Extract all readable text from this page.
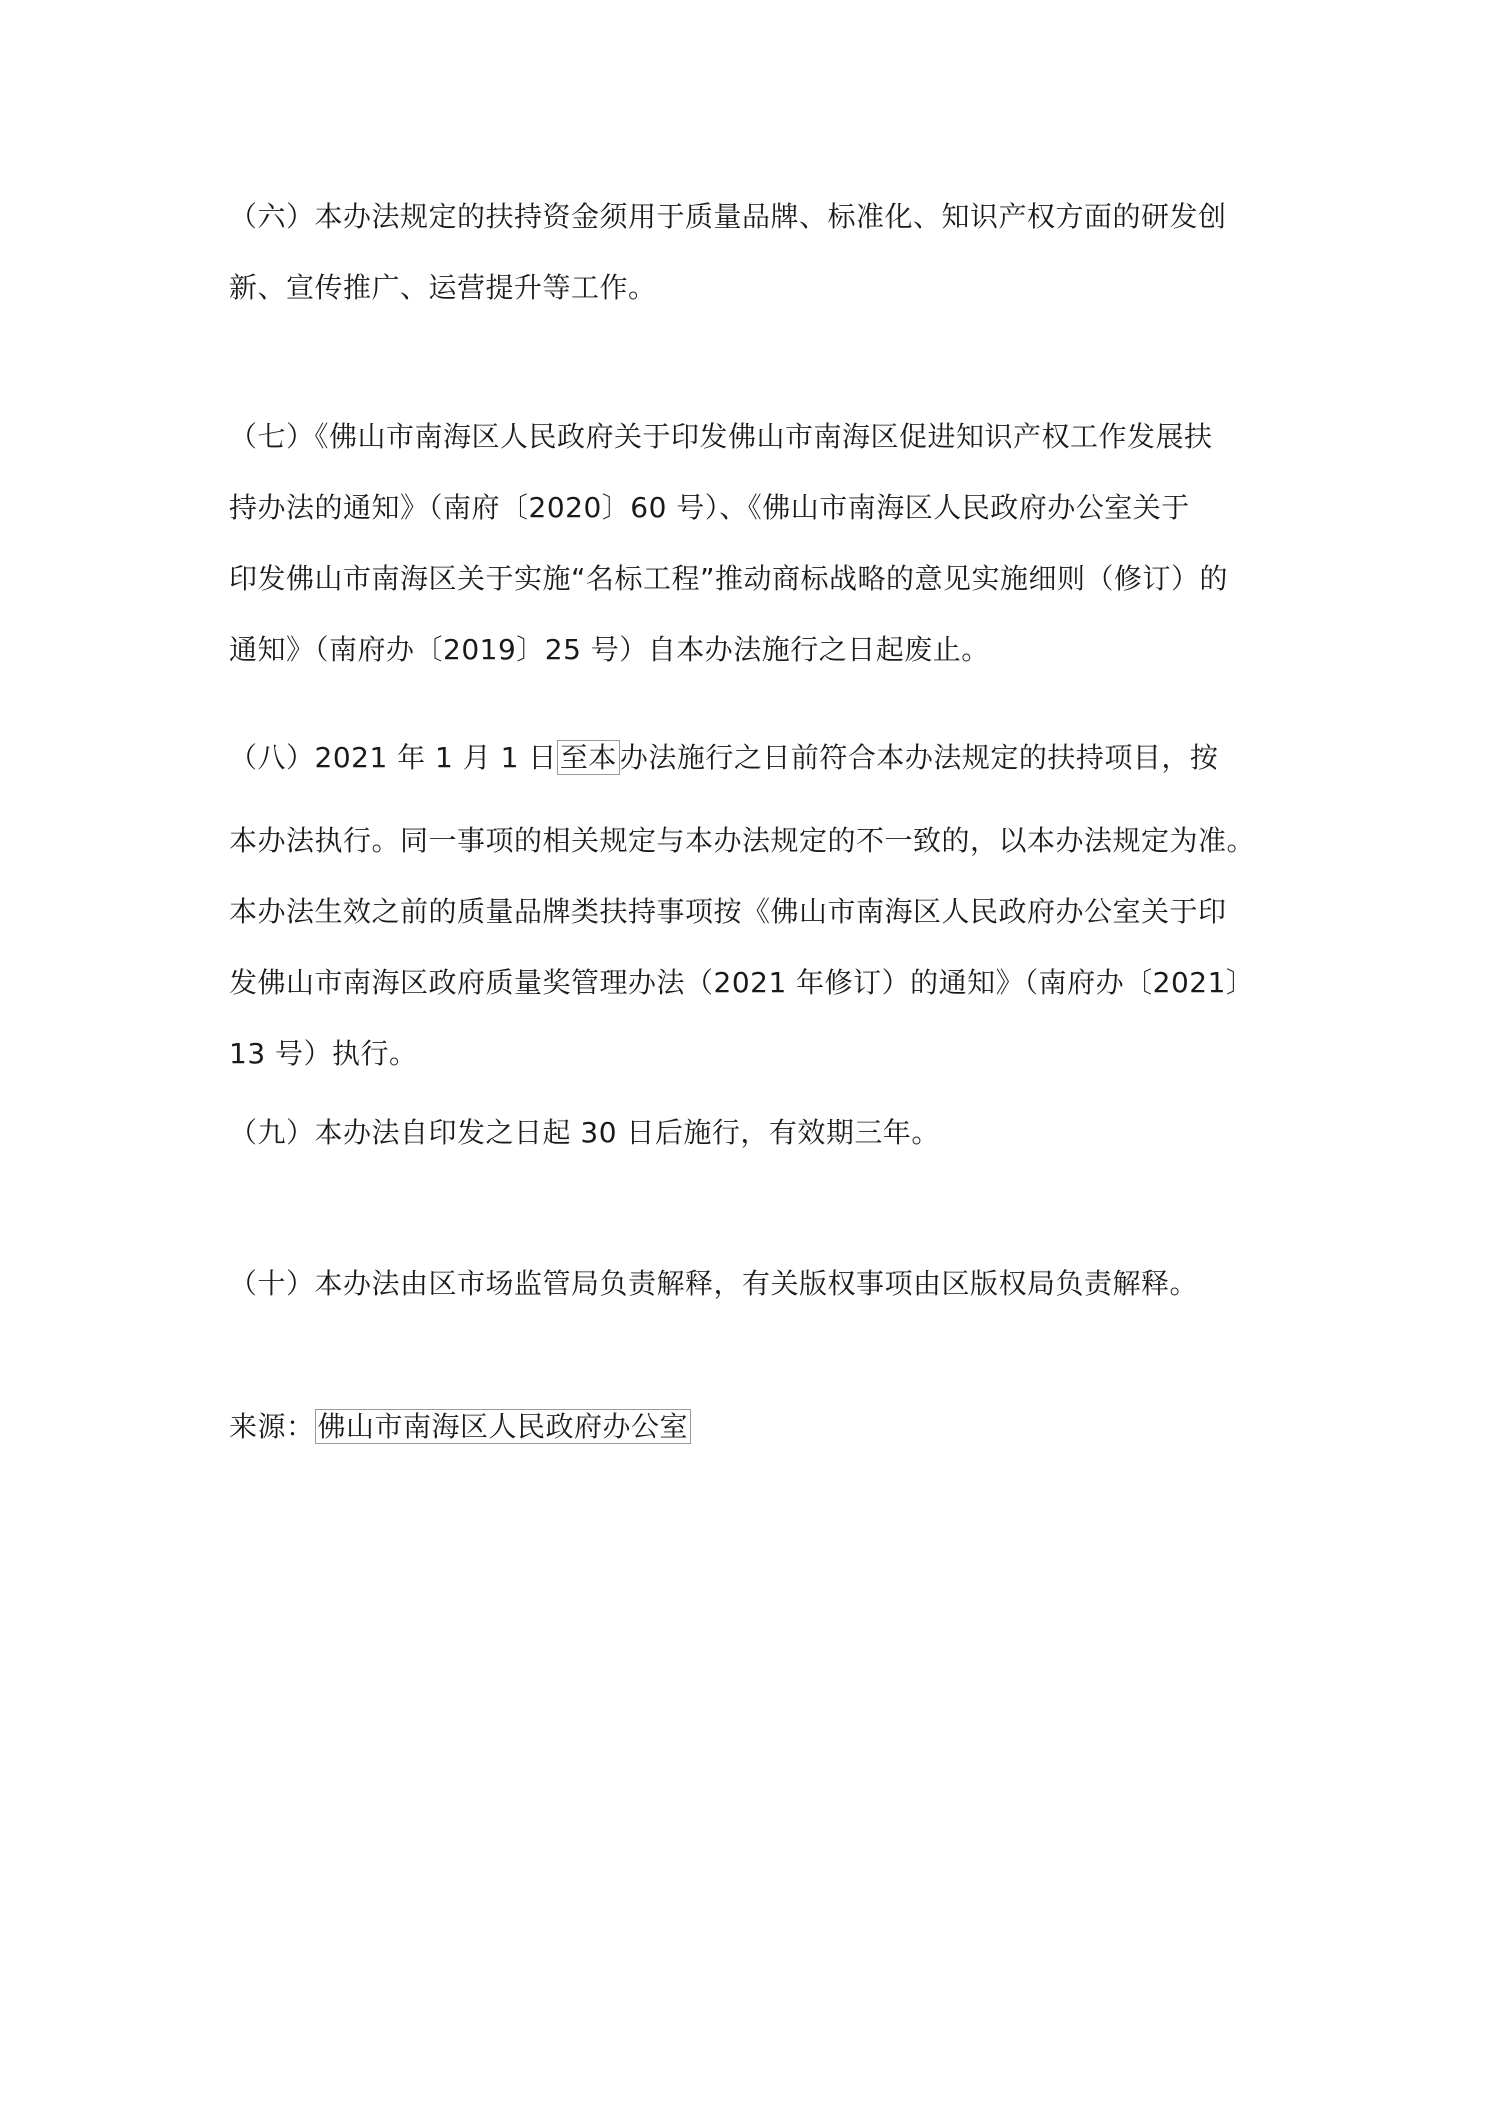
（六）本办法规定的扶持资金须用于质量品牌、标准化、知识产权方面的研发创
新、宣传推广、运营提升等工作。

（七）《佛山市南海区人民政府关于印发佛山市南海区促进知识产权工作发展扶
持办法的通知》（南府〔2020〕60 号）、《佛山市南海区人民政府办公室关于
印发佛山市南海区关于实施“名标工程”推动商标战略的意见实施细则（修订）的
通知》（南府办〔2019〕25 号）自本办法施行之日起废止。

（八）2021 年 1 月 1 日 至本 办法施行之日前符合本办法规定的扶持项目，按
本办法执行。同一事项的相关规定与本办法规定的不一致的，以本办法规定为准。
本办法生效之前的质量品牌类扶持事项按《佛山市南海区人民政府办公室关于印
发佛山市南海区政府质量奖管理办法（2021 年修订）的通知》（南府办〔2021〕
13 号）执行。

（九）本办法自印发之日起 30 日后施行，有效期三年。

（十）本办法由区市场监管局负责解释，有关版权事项由区版权局负责解释。

来源： 佛山市南海区人民政府办公室
